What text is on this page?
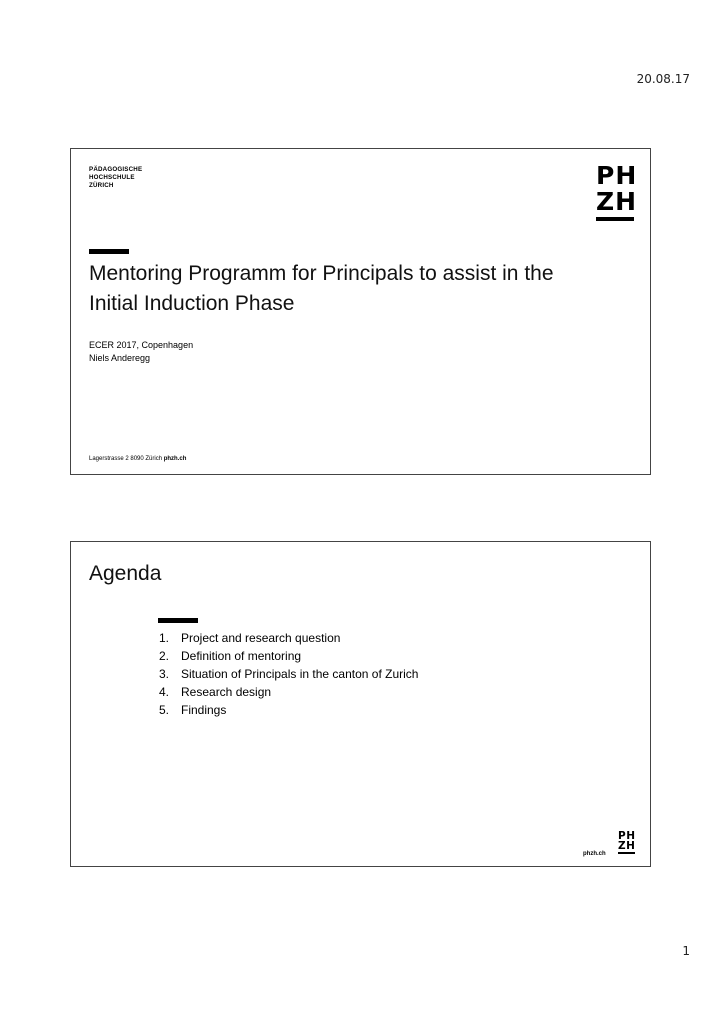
20.08.17
PÄDAGOGISCHE
HOCHSCHULE
ZÜRICH	PH
ZH
Mentoring Programm for Principals to assist in the
Initial Induction Phase
ECER 2017, Copenhagen
Niels Anderegg
Lagerstrasse 2 8090 Zürich phzh.ch
Agenda
1. Project and research question
2. Definition of mentoring
3. Situation of Principals in the canton of Zurich
4. Research design
5. Findings
PH
ZH
phzh.ch
1
